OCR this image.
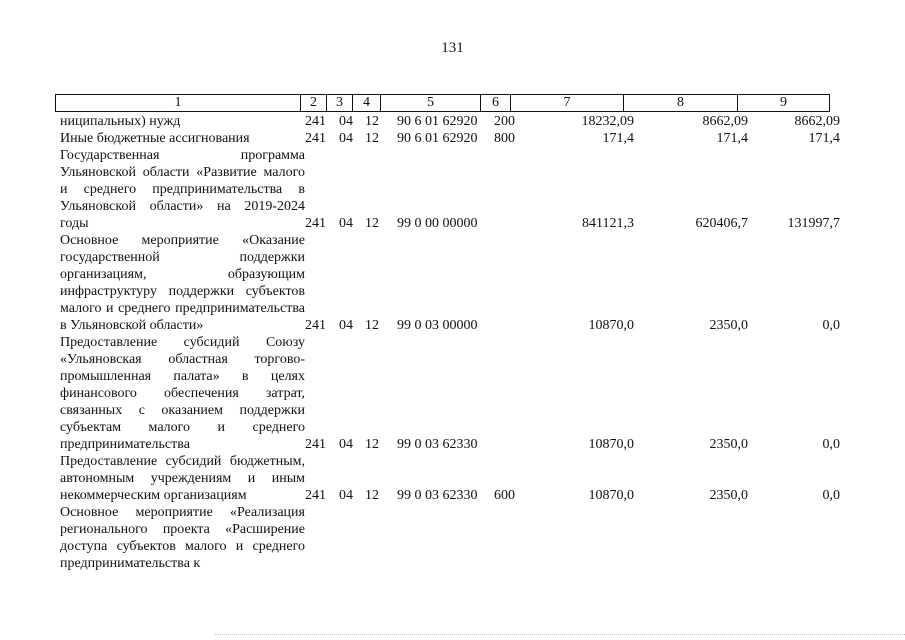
131
1	2	3	4	5	6	7	8	9
ниципальных) нужд	241	04	12	90 6 01 62920	200	18232,09	8662,09	8662,09
Иные бюджетные ассигнования	241	04	12	90 6 01 62920	800	171,4	171,4	171,4
Государственная программа Ульяновской области «Развитие малого и среднего предпринимательства в Ульяновской области» на 2019-2024 годы	241	04	12	99 0 00 00000		841121,3	620406,7	131997,7
Основное мероприятие «Оказание государственной поддержки организациям, образующим инфраструктуру поддержки субъектов малого и среднего предпринимательства в Ульяновской области»	241	04	12	99 0 03 00000		10870,0	2350,0	0,0
Предоставление субсидий Союзу «Ульяновская областная торгово-промышленная палата» в целях финансового обеспечения затрат, связанных с оказанием поддержки субъектам малого и среднего предпринимательства	241	04	12	99 0 03 62330		10870,0	2350,0	0,0
Предоставление субсидий бюджетным, автономным учреждениям и иным некоммерческим организациям	241	04	12	99 0 03 62330	600	10870,0	2350,0	0,0
Основное мероприятие «Реализация регионального проекта «Расширение доступа субъектов малого и среднего предпринимательства к								
